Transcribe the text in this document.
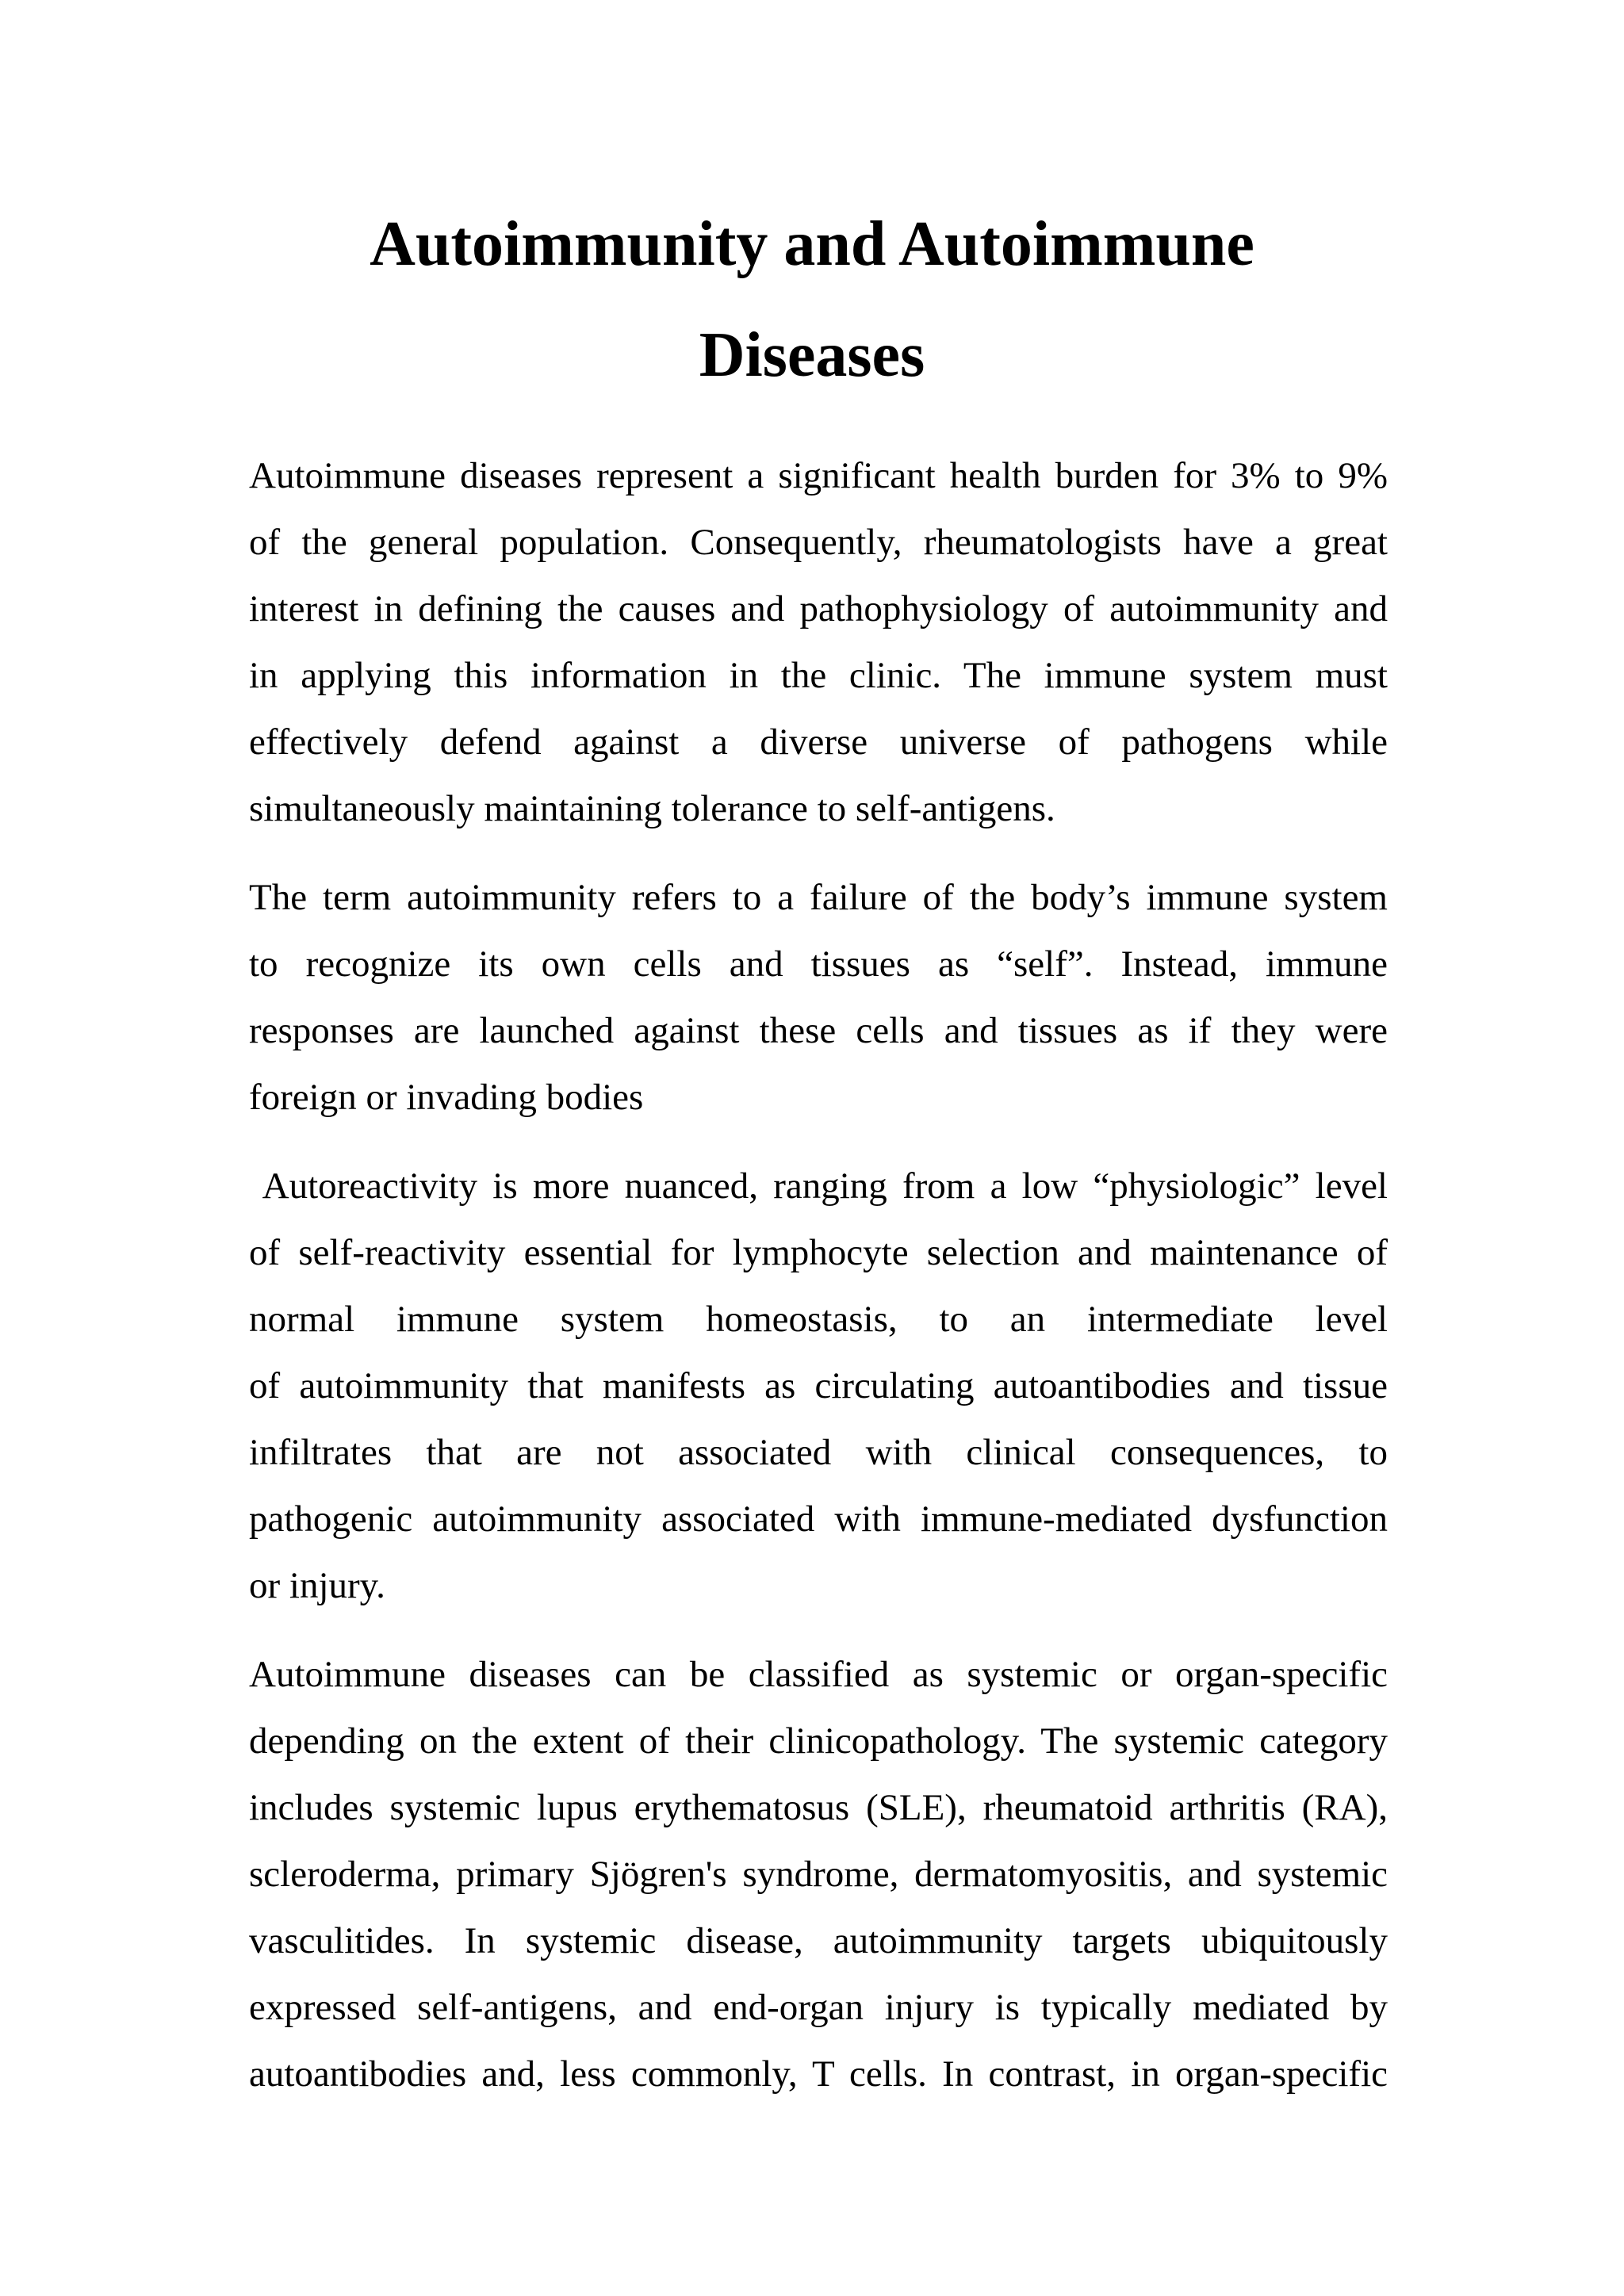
Autoimmunity and Autoimmune
Diseases
Autoimmune diseases represent a significant health burden for 3% to 9%
of the general population. Consequently, rheumatologists have a great
interest in defining the causes and pathophysiology of autoimmunity and
in applying this information in the clinic. The immune system must
effectively defend against a diverse universe of pathogens while
simultaneously maintaining tolerance to self-antigens.
The term autoimmunity refers to a failure of the body’s immune system
to recognize its own cells and tissues as “self”. Instead, immune
responses are launched against these cells and tissues as if they were
foreign or invading bodies
Autoreactivity is more nuanced, ranging from a low “physiologic” level
of self-reactivity essential for lymphocyte selection and maintenance of
normal immune system homeostasis, to an intermediate level
of autoimmunity that manifests as circulating autoantibodies and tissue
infiltrates that are not associated with clinical consequences, to
pathogenic autoimmunity associated with immune-mediated dysfunction
or injury.
Autoimmune diseases can be classified as systemic or organ-specific
depending on the extent of their clinicopathology. The systemic category
includes systemic lupus erythematosus (SLE), rheumatoid arthritis (RA),
scleroderma, primary Sjögren's syndrome, dermatomyositis, and systemic
vasculitides. In systemic disease, autoimmunity targets ubiquitously
expressed self-antigens, and end-organ injury is typically mediated by
autoantibodies and, less commonly, T cells. In contrast, in organ-specific
